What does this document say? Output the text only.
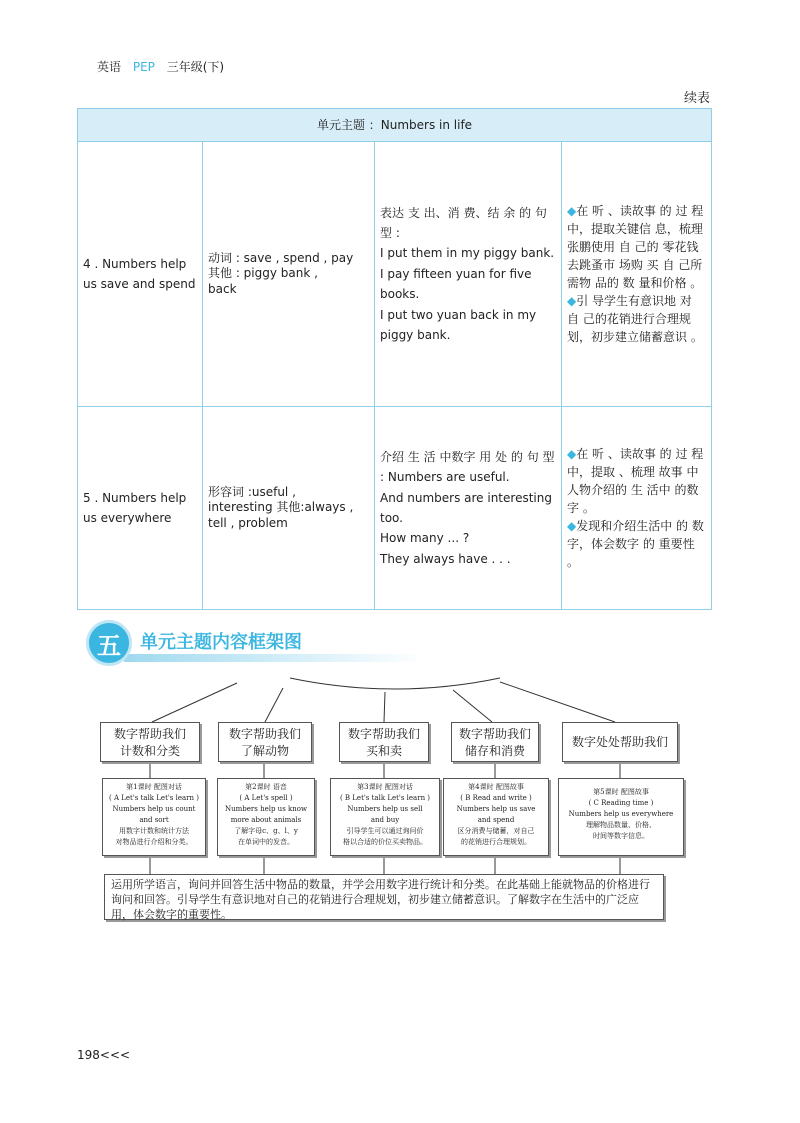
英语 PEP 三年级(下)
续表
单元主题 ：Numbers in life			
4 . Numbers help us save and spend	动词 : save , spend , pay
其他 : piggy bank ,
back	表达 支 出、消 费、结 余 的 句 型 :
I put them in my piggy bank.
I pay fifteen yuan for five books.
I put two yuan back in my piggy bank.	◆在 听 、读故事 的 过 程中，提取关键信 息，梳理张鹏使用 自 己的 零花钱去跳蚤市 场购 买 自 己所需物 品的 数 量和价格 。
◆引 导学生有意识地 对 自 己的花销进行合理规划，初步建立储蓄意识 。

5 . Numbers help us everywhere	形容词 :useful ,
interesting 其他:always ,
tell , problem	介绍 生 活 中数字 用 处 的 句 型 : Numbers are useful.
And numbers are interesting too.
How many ... ?
They always have . . .	◆在 听 、读故事 的 过 程中，提取 、梳理 故事 中人物介绍的 生 活中 的数字 。
◆发现和介绍生活中 的 数字，体会数字 的 重要性 。
五	单元主题内容框架图
数字帮助我们
计数和分类
数字帮助我们
了解动物
数字帮助我们
买和卖
数字帮助我们
储存和消费
数字处处帮助我们
第1课时 配图对话
( A Let's talk Let's learn )
Numbers help us count
and sort
用数字计数和统计方法
对物品进行介绍和分类。
第2课时 语音
( A Let's spell )
Numbers help us know
more about animals
了解字母c、g、l、y
在单词中的发音。
第3课时 配图对话
( B Let's talk Let's learn )
Numbers help us sell
and buy
引导学生可以通过询问价
格以合适的价位买卖物品。
第4课时 配图故事
( B Read and write )
Numbers help us save
and spend
区分消费与储蓄，对自己
的花销进行合理规划。
第5课时 配图故事
( C Reading time )
Numbers help us everywhere
理解物品数量、价格、
时间等数字信息。
运用所学语言，询问并回答生活中物品的数量，并学会用数字进行统计和分类。在此基础上能就物品的价格进行询问和回答。引导学生有意识地对自己的花销进行合理规划，初步建立储蓄意识。了解数字在生活中的广泛应用，体会数字的重要性。
198<<<
